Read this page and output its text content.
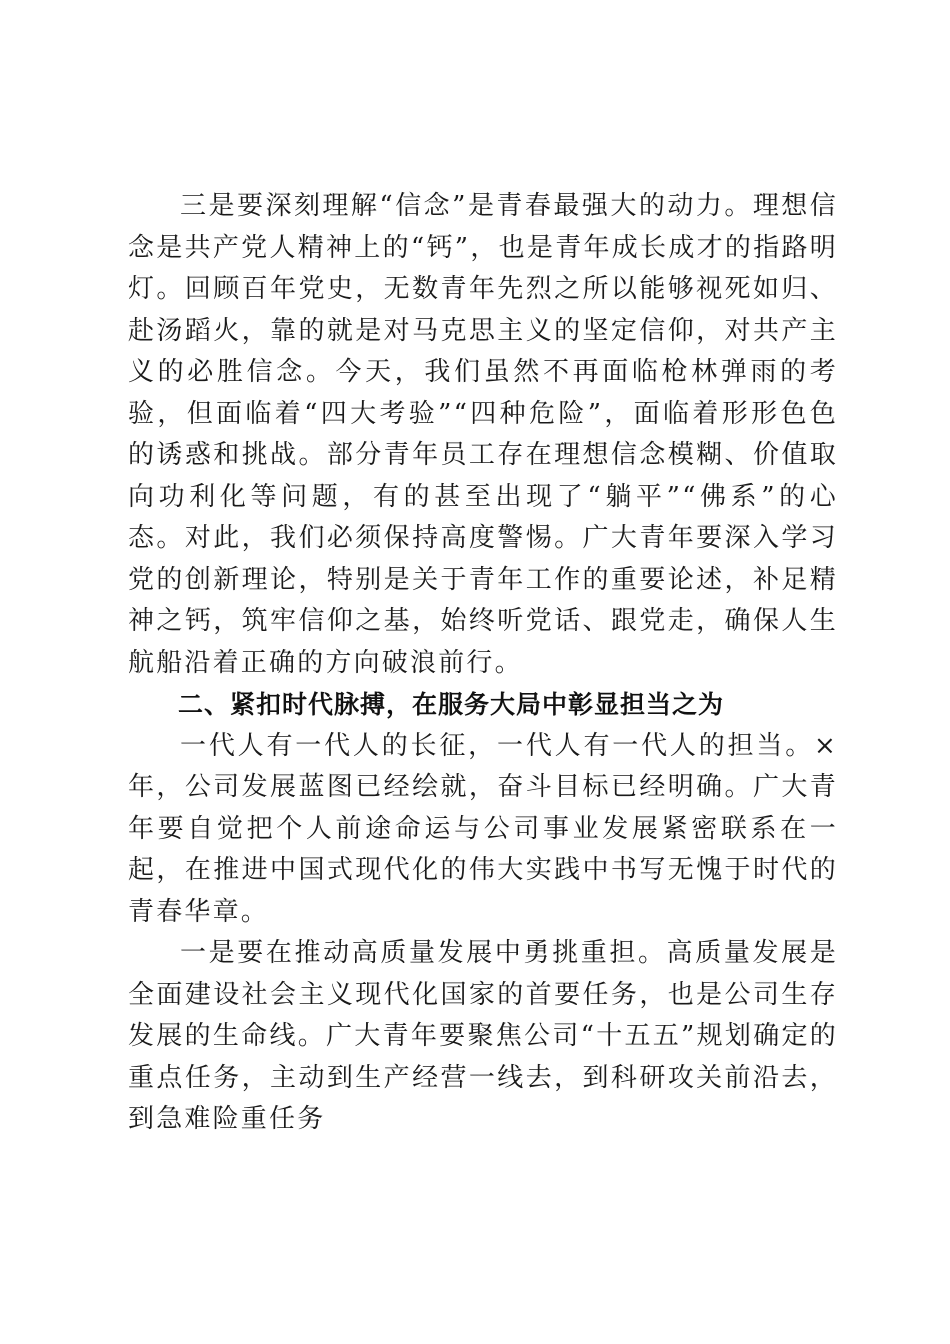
三是要深刻理解“信念”是青春最强大的动力。理想信念是共产党人精神上的“钙”，也是青年成长成才的指路明灯。回顾百年党史，无数青年先烈之所以能够视死如归、赴汤蹈火，靠的就是对马克思主义的坚定信仰，对共产主义的必胜信念。今天，我们虽然不再面临枪林弹雨的考验，但面临着“四大考验”“四种危险”，面临着形形色色的诱惑和挑战。部分青年员工存在理想信念模糊、价值取向功利化等问题，有的甚至出现了“躺平”“佛系”的心态。对此，我们必须保持高度警惕。广大青年要深入学习党的创新理论，特别是关于青年工作的重要论述，补足精神之钙，筑牢信仰之基，始终听党话、跟党走，确保人生航船沿着正确的方向破浪前行。

二、紧扣时代脉搏，在服务大局中彰显担当之为

一代人有一代人的长征，一代人有一代人的担当。×年，公司发展蓝图已经绘就，奋斗目标已经明确。广大青年要自觉把个人前途命运与公司事业发展紧密联系在一起，在推进中国式现代化的伟大实践中书写无愧于时代的青春华章。

一是要在推动高质量发展中勇挑重担。高质量发展是全面建设社会主义现代化国家的首要任务，也是公司生存发展的生命线。广大青年要聚焦公司“十五五”规划确定的重点任务，主动到生产经营一线去，到科研攻关前沿去，到急难险重任务
